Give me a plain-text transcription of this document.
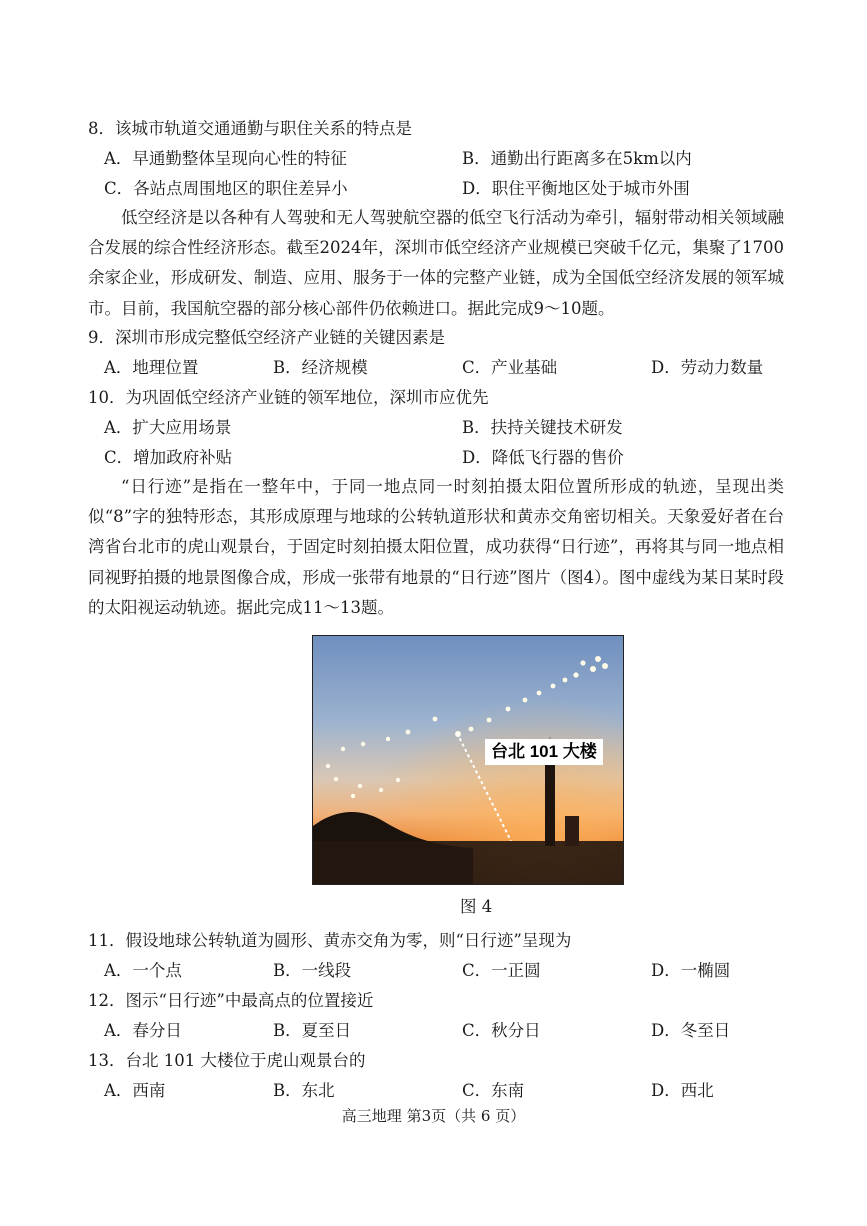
8．该城市轨道交通通勤与职住关系的特点是
A．早通勤整体呈现向心性的特征	B．通勤出行距离多在5km以内
C．各站点周围地区的职住差异小	D．职住平衡地区处于城市外围
低空经济是以各种有人驾驶和无人驾驶航空器的低空飞行活动为牵引，辐射带动相关领域融合发展的综合性经济形态。截至2024年，深圳市低空经济产业规模已突破千亿元，集聚了1700余家企业，形成研发、制造、应用、服务于一体的完整产业链，成为全国低空经济发展的领军城市。目前，我国航空器的部分核心部件仍依赖进口。据此完成9～10题。
9．深圳市形成完整低空经济产业链的关键因素是
A．地理位置	B．经济规模	C．产业基础	D．劳动力数量
10．为巩固低空经济产业链的领军地位，深圳市应优先
A．扩大应用场景	B．扶持关键技术研发
C．增加政府补贴	D．降低飞行器的售价
“日行迹”是指在一整年中，于同一地点同一时刻拍摄太阳位置所形成的轨迹，呈现出类似“8”字的独特形态，其形成原理与地球的公转轨道形状和黄赤交角密切相关。天象爱好者在台湾省台北市的虎山观景台，于固定时刻拍摄太阳位置，成功获得“日行迹”，再将其与同一地点相同视野拍摄的地景图像合成，形成一张带有地景的“日行迹”图片（图4）。图中虚线为某日某时段的太阳视运动轨迹。据此完成11～13题。
台北 101 大楼
图 4
11．假设地球公转轨道为圆形、黄赤交角为零，则“日行迹”呈现为
A．一个点	B．一线段	C．一正圆	D．一椭圆
12．图示“日行迹”中最高点的位置接近
A．春分日	B．夏至日	C．秋分日	D．冬至日
13．台北 101 大楼位于虎山观景台的
A．西南	B．东北	C．东南	D．西北
高三地理 第3页（共 6 页）
